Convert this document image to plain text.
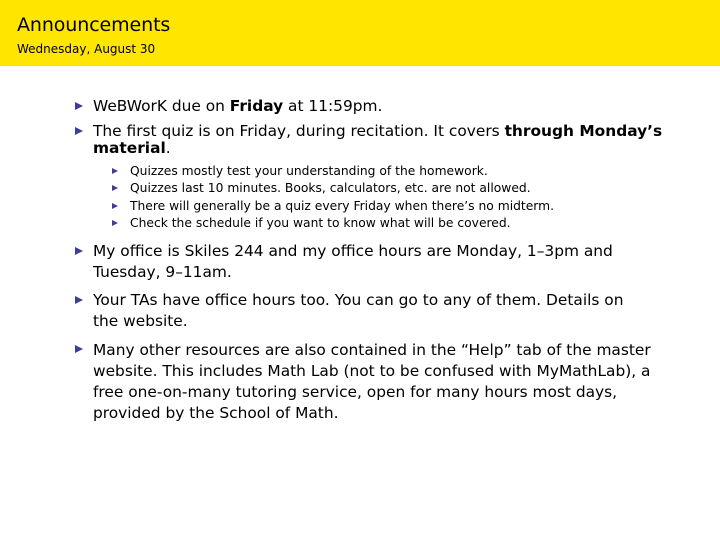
Announcements
Wednesday, August 30
WeBWorK due on Friday at 11:59pm.
The first quiz is on Friday, during recitation. It covers through Monday’s material.
Quizzes mostly test your understanding of the homework.
Quizzes last 10 minutes. Books, calculators, etc. are not allowed.
There will generally be a quiz every Friday when there’s no midterm.
Check the schedule if you want to know what will be covered.
My office is Skiles 244 and my office hours are Monday, 1–3pm and Tuesday, 9–11am.
Your TAs have office hours too. You can go to any of them. Details on the website.
Many other resources are also contained in the “Help” tab of the master website. This includes Math Lab (not to be confused with MyMathLab), a free one-on-many tutoring service, open for many hours most days, provided by the School of Math.
